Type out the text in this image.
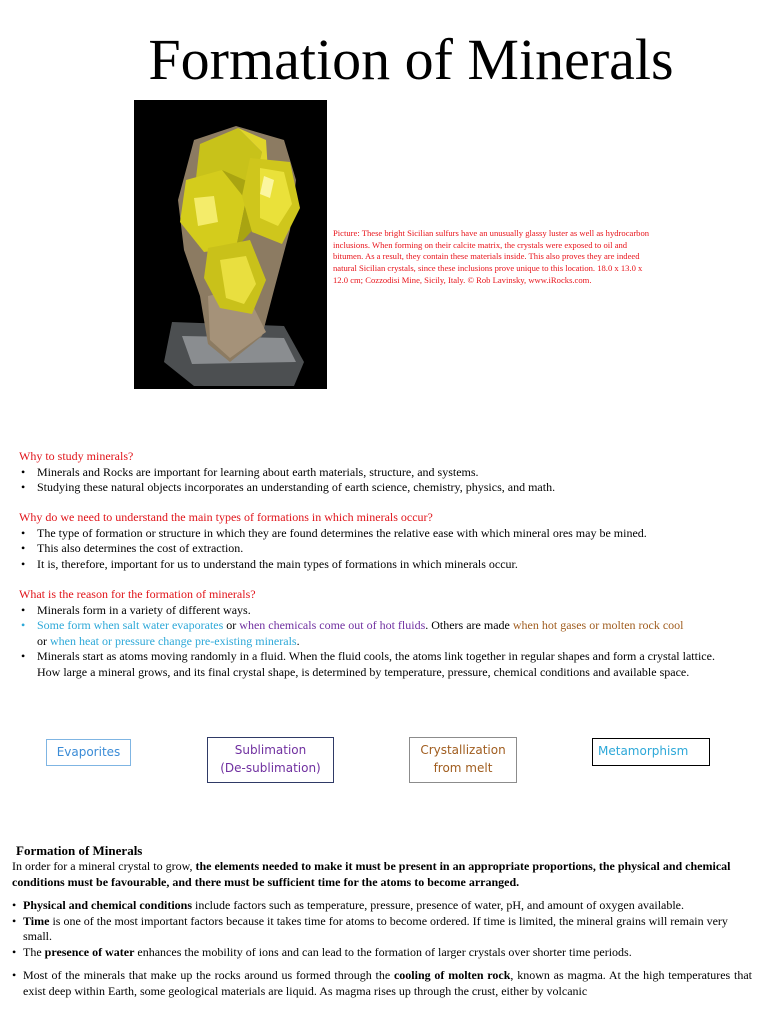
Formation of Minerals
Picture: These bright Sicilian sulfurs have an unusually glassy luster as well as hydrocarbon inclusions. When forming on their calcite matrix, the crystals were exposed to oil and bitumen. As a result, they contain these materials inside. This also proves they are indeed natural Sicilian crystals, since these inclusions prove unique to this location. 18.0 x 13.0 x 12.0 cm; Cozzodisi Mine, Sicily, Italy. © Rob Lavinsky, www.iRocks.com.
Why to study minerals?
• Minerals and Rocks are important for learning about earth materials, structure, and systems.
• Studying these natural objects incorporates an understanding of earth science, chemistry, physics, and math.
Why do we need to understand the main types of formations in which minerals occur?
• The type of formation or structure in which they are found determines the relative ease with which mineral ores may be mined.
• This also determines the cost of extraction.
• It is, therefore, important for us to understand the main types of formations in which minerals occur.
What is the reason for the formation of minerals?
• Minerals form in a variety of different ways.
• Some form when salt water evaporates or when chemicals come out of hot fluids. Others are made when hot gases or molten rock cool
or when heat or pressure change pre-existing minerals.
• Minerals start as atoms moving randomly in a fluid. When the fluid cools, the atoms link together in regular shapes and form a crystal lattice. How large a mineral grows, and its final crystal shape, is determined by temperature, pressure, chemical conditions and available space.
Evaporites	Sublimation
(De-sublimation)
Crystallization
from melt
Metamorphism
Formation of Minerals

In order for a mineral crystal to grow, the elements needed to make it must be present in an appropriate proportions, the physical and chemical conditions must be favourable, and there must be sufficient time for the atoms to become arranged.

• Physical and chemical conditions include factors such as temperature, pressure, presence of water, pH, and amount of oxygen available.
• Time is one of the most important factors because it takes time for atoms to become ordered. If time is limited, the mineral grains will remain very small.
• The presence of water enhances the mobility of ions and can lead to the formation of larger crystals over shorter time periods.
• Most of the minerals that make up the rocks around us formed through the cooling of molten rock, known as magma. At the high temperatures that exist deep within Earth, some geological materials are liquid. As magma rises up through the crust, either by volcanic
